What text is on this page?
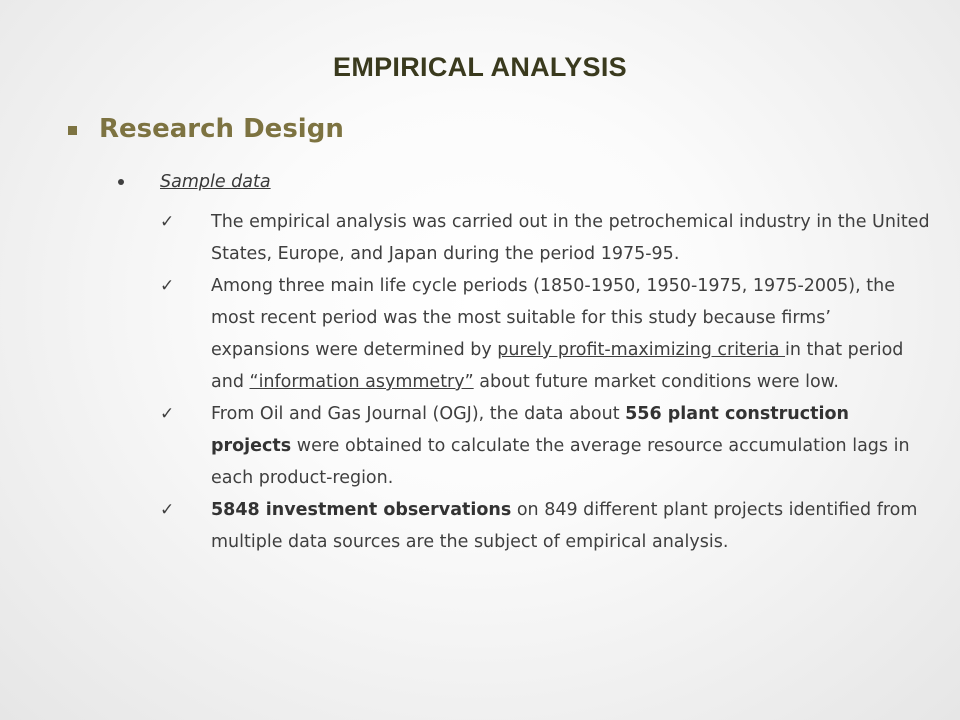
EMPIRICAL ANALYSIS
Research Design
Sample data
✓ The empirical analysis was carried out in the petrochemical industry in the United States, Europe, and Japan during the period 1975-95.
✓ Among three main life cycle periods (1850-1950, 1950-1975, 1975-2005), the most recent period was the most suitable for this study because firms’ expansions were determined by purely profit-maximizing criteria in that period and “information asymmetry” about future market conditions were low.
✓ From Oil and Gas Journal (OGJ), the data about 556 plant construction projects were obtained to calculate the average resource accumulation lags in each product-region.
✓ 5848 investment observations on 849 different plant projects identified from multiple data sources are the subject of empirical analysis.
